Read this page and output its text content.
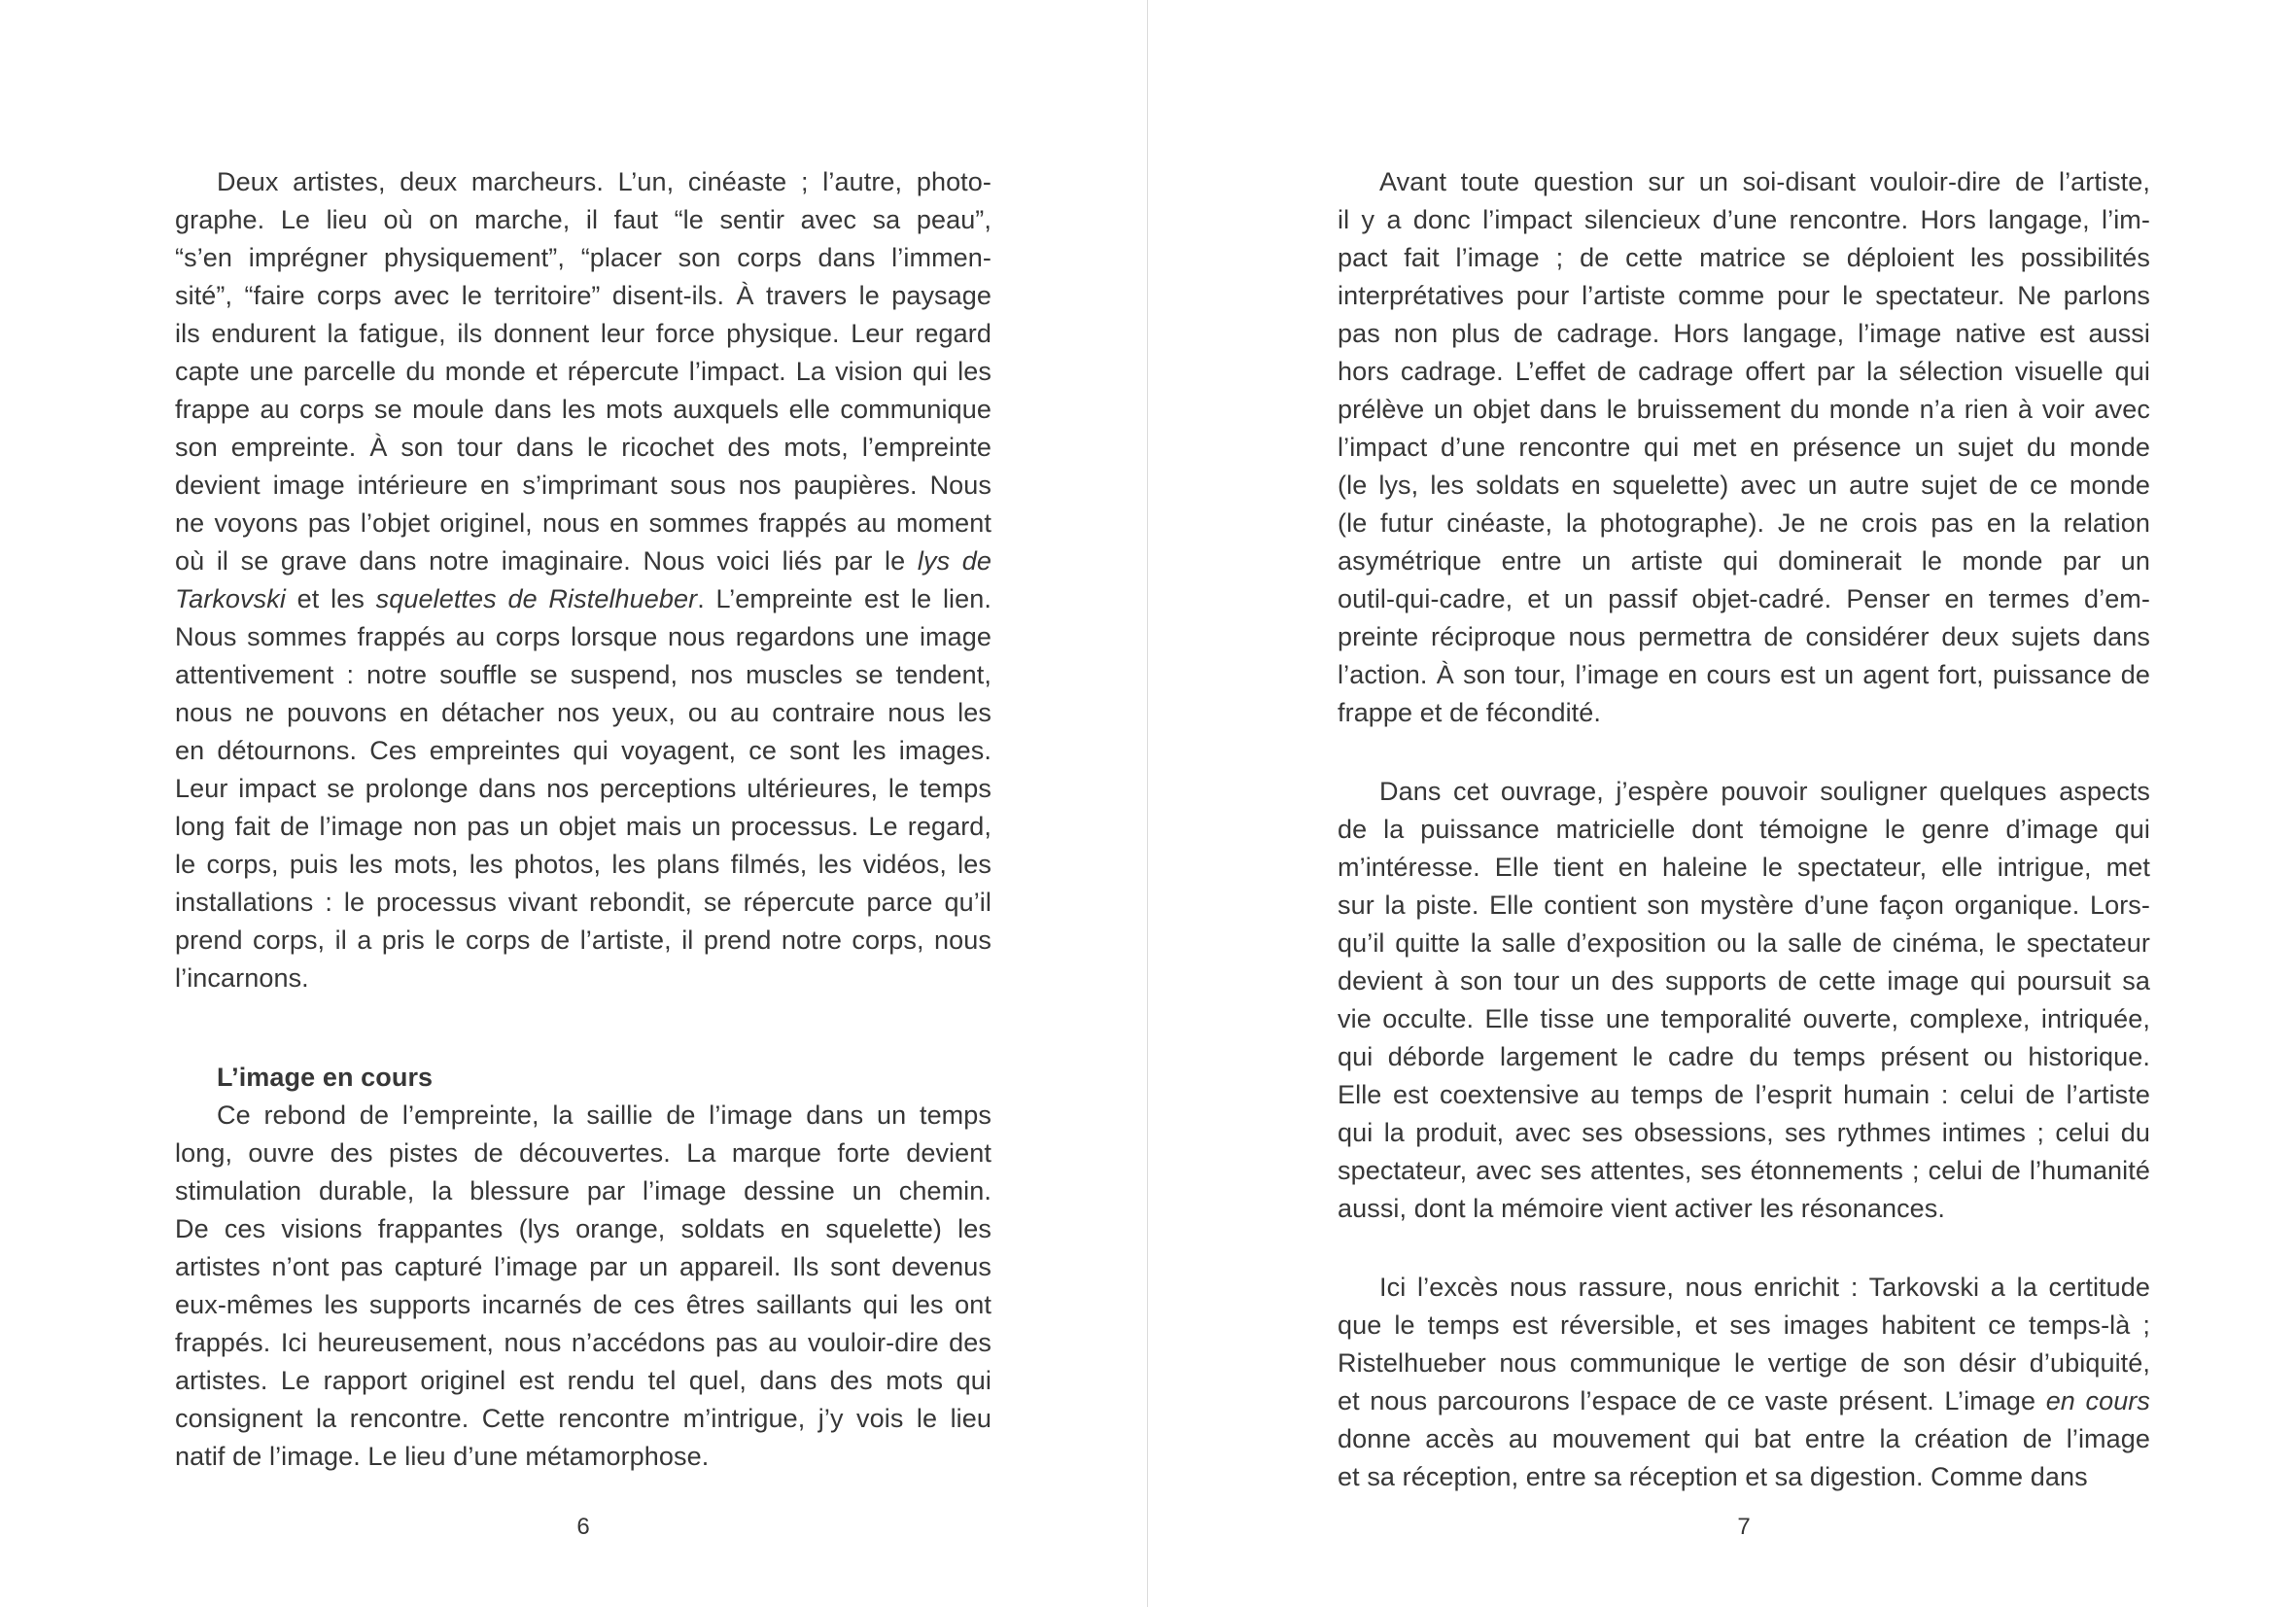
Deux artistes, deux marcheurs. L’un, cinéaste ; l’autre, photo-
graphe. Le lieu où on marche, il faut “le sentir avec sa peau”,
“s’en imprégner physiquement”, “placer son corps dans l’immen-
sité”, “faire corps avec le territoire” disent-ils. À travers le paysage
ils endurent la fatigue, ils donnent leur force physique. Leur regard
capte une parcelle du monde et répercute l’impact. La vision qui les
frappe au corps se moule dans les mots auxquels elle communique
son empreinte. À son tour dans le ricochet des mots, l’empreinte
devient image intérieure en s’imprimant sous nos paupières. Nous
ne voyons pas l’objet originel, nous en sommes frappés au moment
où il se grave dans notre imaginaire. Nous voici liés par le lys de
Tarkovski et les squelettes de Ristelhueber. L’empreinte est le lien.
Nous sommes frappés au corps lorsque nous regardons une image
attentivement : notre souffle se suspend, nos muscles se tendent,
nous ne pouvons en détacher nos yeux, ou au contraire nous les
en détournons. Ces empreintes qui voyagent, ce sont les images.
Leur impact se prolonge dans nos perceptions ultérieures, le temps
long fait de l’image non pas un objet mais un processus. Le regard,
le corps, puis les mots, les photos, les plans filmés, les vidéos, les
installations : le processus vivant rebondit, se répercute parce qu’il
prend corps, il a pris le corps de l’artiste, il prend notre corps, nous
l’incarnons.
L’image en cours
Ce rebond de l’empreinte, la saillie de l’image dans un temps
long, ouvre des pistes de découvertes. La marque forte devient
stimulation durable, la blessure par l’image dessine un chemin.
De ces visions frappantes (lys orange, soldats en squelette) les
artistes n’ont pas capturé l’image par un appareil. Ils sont devenus
eux-mêmes les supports incarnés de ces êtres saillants qui les ont
frappés. Ici heureusement, nous n’accédons pas au vouloir-dire des
artistes. Le rapport originel est rendu tel quel, dans des mots qui
consignent la rencontre. Cette rencontre m’intrigue, j’y vois le lieu
natif de l’image. Le lieu d’une métamorphose.
6
Avant toute question sur un soi-disant vouloir-dire de l’artiste,
il y a donc l’impact silencieux d’une rencontre. Hors langage, l’im-
pact fait l’image ; de cette matrice se déploient les possibilités
interprétatives pour l’artiste comme pour le spectateur. Ne parlons
pas non plus de cadrage. Hors langage, l’image native est aussi
hors cadrage. L’effet de cadrage offert par la sélection visuelle qui
prélève un objet dans le bruissement du monde n’a rien à voir avec
l’impact d’une rencontre qui met en présence un sujet du monde
(le lys, les soldats en squelette) avec un autre sujet de ce monde
(le futur cinéaste, la photographe). Je ne crois pas en la relation
asymétrique entre un artiste qui dominerait le monde par un
outil-qui-cadre, et un passif objet-cadré. Penser en termes d’em-
preinte réciproque nous permettra de considérer deux sujets dans
l’action. À son tour, l’image en cours est un agent fort, puissance de
frappe et de fécondité.
Dans cet ouvrage, j’espère pouvoir souligner quelques aspects
de la puissance matricielle dont témoigne le genre d’image qui
m’intéresse. Elle tient en haleine le spectateur, elle intrigue, met
sur la piste. Elle contient son mystère d’une façon organique. Lors-
qu’il quitte la salle d’exposition ou la salle de cinéma, le spectateur
devient à son tour un des supports de cette image qui poursuit sa
vie occulte. Elle tisse une temporalité ouverte, complexe, intriquée,
qui déborde largement le cadre du temps présent ou historique.
Elle est coextensive au temps de l’esprit humain : celui de l’artiste
qui la produit, avec ses obsessions, ses rythmes intimes ; celui du
spectateur, avec ses attentes, ses étonnements ; celui de l’humanité
aussi, dont la mémoire vient activer les résonances.
Ici l’excès nous rassure, nous enrichit : Tarkovski a la certitude
que le temps est réversible, et ses images habitent ce temps-là ;
Ristelhueber nous communique le vertige de son désir d’ubiquité,
et nous parcourons l’espace de ce vaste présent. L’image en cours
donne accès au mouvement qui bat entre la création de l’image
et sa réception, entre sa réception et sa digestion. Comme dans
7
